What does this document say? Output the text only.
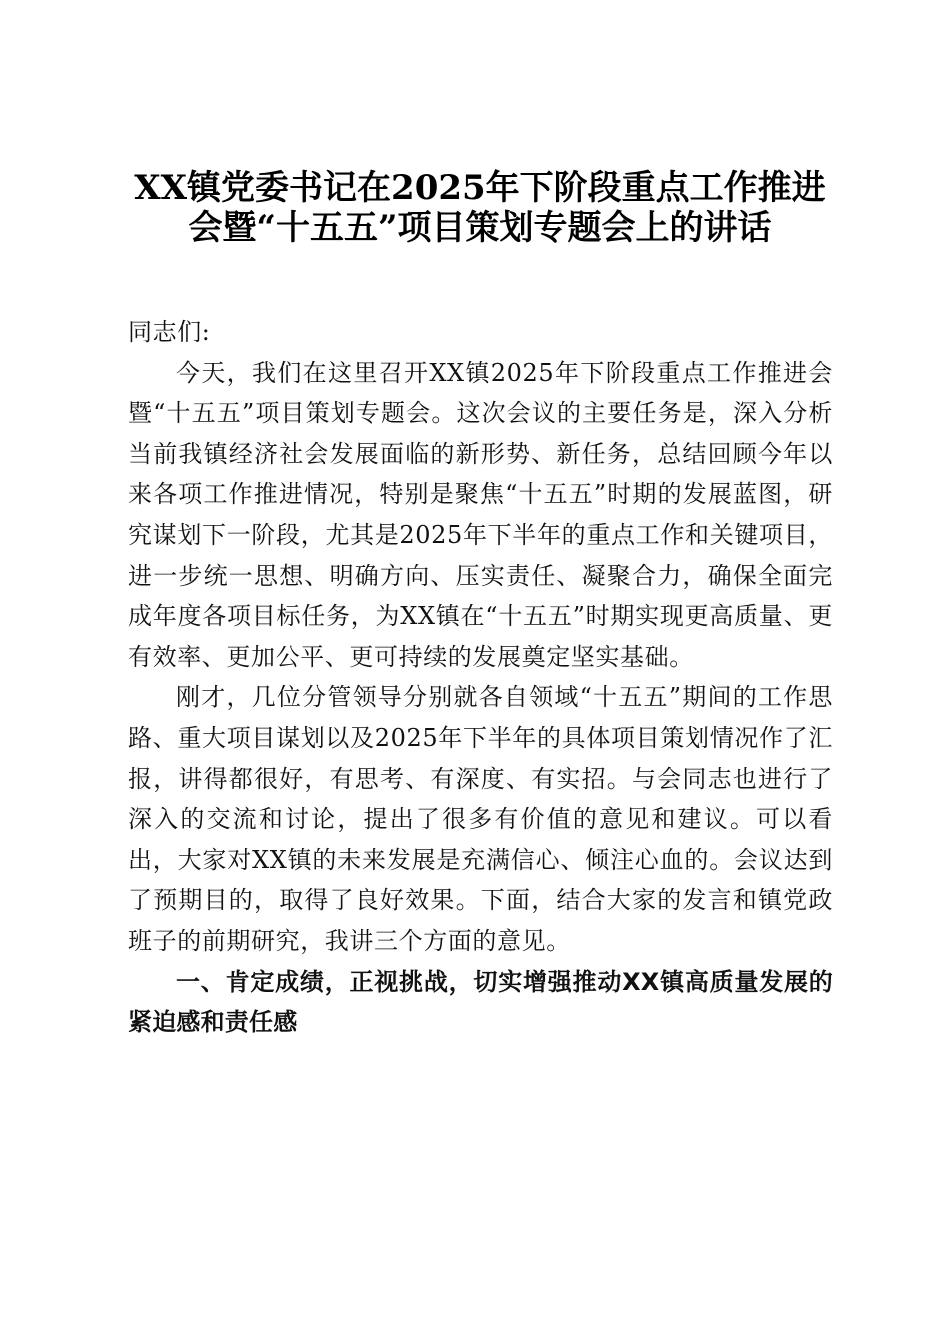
XX镇党委书记在2025年下阶段重点工作推进
会暨“十五五”项目策划专题会上的讲话

同志们:

今天，我们在这里召开XX镇2025年下阶段重点工作推进会暨“十五五”项目策划专题会。这次会议的主要任务是，深入分析当前我镇经济社会发展面临的新形势、新任务，总结回顾今年以来各项工作推进情况，特别是聚焦“十五五”时期的发展蓝图，研究谋划下一阶段，尤其是2025年下半年的重点工作和关键项目，进一步统一思想、明确方向、压实责任、凝聚合力，确保全面完成年度各项目标任务，为XX镇在“十五五”时期实现更高质量、更有效率、更加公平、更可持续的发展奠定坚实基础。

刚才，几位分管领导分别就各自领域“十五五”期间的工作思路、重大项目谋划以及2025年下半年的具体项目策划情况作了汇报，讲得都很好，有思考、有深度、有实招。与会同志也进行了深入的交流和讨论，提出了很多有价值的意见和建议。可以看出，大家对XX镇的未来发展是充满信心、倾注心血的。会议达到了预期目的，取得了良好效果。下面，结合大家的发言和镇党政班子的前期研究，我讲三个方面的意见。

一、肯定成绩，正视挑战，切实增强推动XX镇高质量发展的紧迫感和责任感
